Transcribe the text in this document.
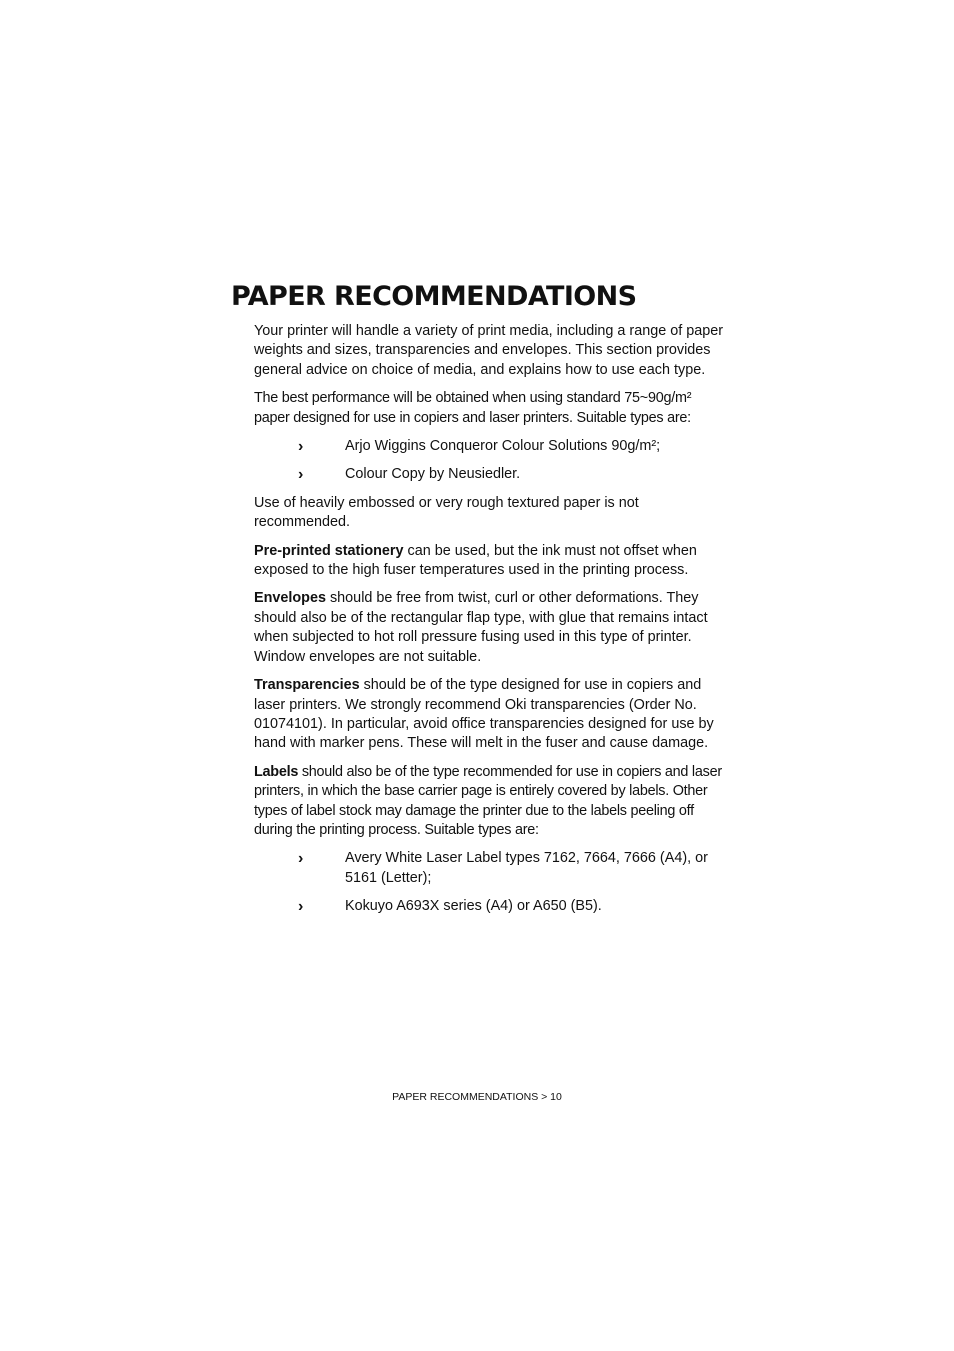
PAPER RECOMMENDATIONS

Your printer will handle a variety of print media, including a range of paper weights and sizes, transparencies and envelopes. This section provides general advice on choice of media, and explains how to use each type.

The best performance will be obtained when using standard 75~90g/m² paper designed for use in copiers and laser printers. Suitable types are:

›	Arjo Wiggins Conqueror Colour Solutions 90g/m²;
›	Colour Copy by Neusiedler.

Use of heavily embossed or very rough textured paper is not recommended.

Pre-printed stationery can be used, but the ink must not offset when exposed to the high fuser temperatures used in the printing process.

Envelopes should be free from twist, curl or other deformations. They should also be of the rectangular flap type, with glue that remains intact when subjected to hot roll pressure fusing used in this type of printer. Window envelopes are not suitable.

Transparencies should be of the type designed for use in copiers and laser printers. We strongly recommend Oki transparencies (Order No. 01074101). In particular, avoid office transparencies designed for use by hand with marker pens. These will melt in the fuser and cause damage.

Labels should also be of the type recommended for use in copiers and laser printers, in which the base carrier page is entirely covered by labels. Other types of label stock may damage the printer due to the labels peeling off during the printing process. Suitable types are:

›	Avery White Laser Label types 7162, 7664, 7666 (A4), or 5161 (Letter);
›	Kokuyo A693X series (A4) or A650 (B5).
PAPER RECOMMENDATIONS > 10
